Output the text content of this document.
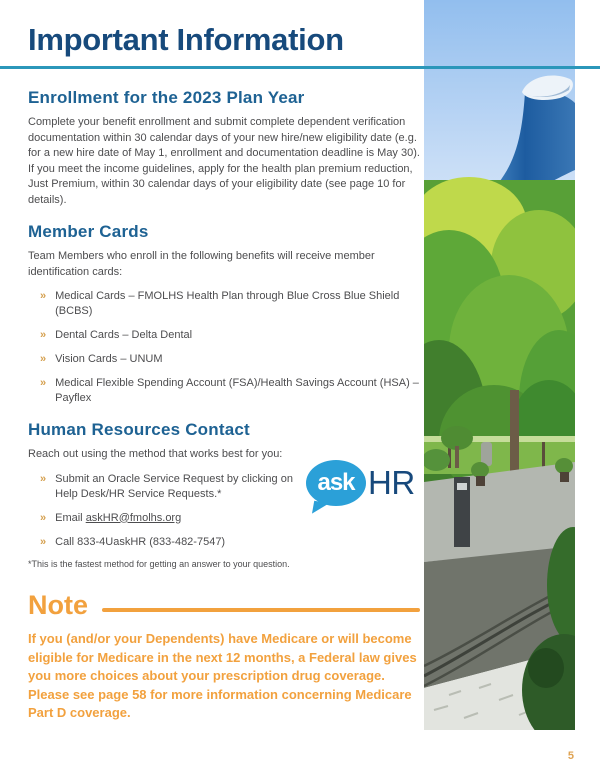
Important Information
Enrollment for the 2023 Plan Year

Complete your benefit enrollment and submit complete dependent verification documentation within 30 calendar days of your new hire/new eligibility date (e.g. for a new hire date of May 1, enrollment and documentation deadline is May 30). If you meet the income guidelines, apply for the health plan premium reduction, Just Premium, within 30 calendar days of your eligibility date (see page 10 for details).

Member Cards

Team Members who enroll in the following benefits will receive member identification cards:

» Medical Cards – FMOLHS Health Plan through Blue Cross Blue Shield (BCBS)
» Dental Cards – Delta Dental
» Vision Cards – UNUM
» Medical Flexible Spending Account (FSA)/Health Savings Account (HSA) – Payflex
Human Resources Contact

Reach out using the method that works best for you:

» Submit an Oracle Service Request by clicking on Help Desk/HR Service Requests.*
» Email askHR@fmolhs.org
» Call 833-4UaskHR (833-482-7547)
ask HR
*This is the fastest method for getting an answer to your question.
Note

If you (and/or your Dependents) have Medicare or will become eligible for Medicare in the next 12 months, a Federal law gives you more choices about your prescription drug coverage. Please see page 58 for more information concerning Medicare Part D coverage.

5
